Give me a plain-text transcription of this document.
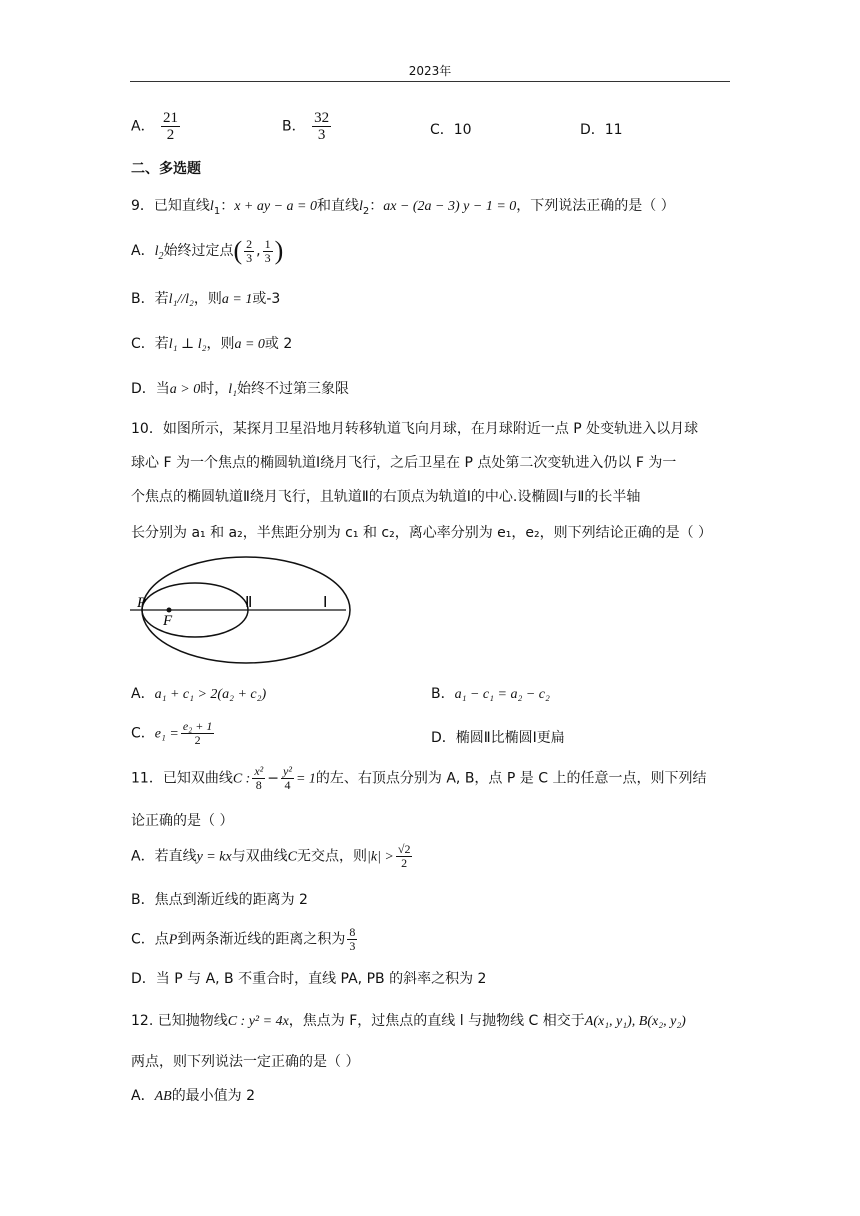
2023年
A． $\frac{21}{2}$	B． $\frac{32}{3}$	C．10	D．11
二、多选题
9．已知直线$l_1$：x + ay − a = 0和直线$l_2$：ax − (2a − 3) y − 1 = 0，下列说法正确的是（ ）
A．$l_2$始终过定点( $\frac{2}{3}$ , $\frac{1}{3}$ )
B．若l₁//l₂，则a = 1或-3
C．若l₁ ⊥ l₂，则a = 0或 2
D．当a > 0时，l₁始终不过第三象限
10．如图所示，某探月卫星沿地月转移轨道飞向月球，在月球附近一点 P 处变轨进入以月球
球心 F 为一个焦点的椭圆轨道Ⅰ绕月飞行，之后卫星在 P 点处第二次变轨进入仍以 F 为一
个焦点的椭圆轨道Ⅱ绕月飞行，且轨道Ⅱ的右顶点为轨道Ⅰ的中心.设椭圆Ⅰ与Ⅱ的长半轴
长分别为 a₁ 和 a₂，半焦距分别为 c₁ 和 c₂，离心率分别为 e₁，e₂，则下列结论正确的是（ ）
P
F
Ⅱ	Ⅰ
A．a₁ + c₁ > 2(a₂ + c₂)	B．a₁ − c₁ = a₂ − c₂
C．$e_1 = \frac{\text{e₂ + 1}}{2}$	D．椭圆Ⅱ比椭圆Ⅰ更扁
11．已知双曲线C : $\frac{\text{x²}}{8} - \frac{\text{y²}}{4} = 1$的左、右顶点分别为 A, B，点 P 是 C 上的任意一点，则下列结
论正确的是（ ）
A．若直线y = kx与双曲线C无交点，则$|k| > \frac{√2}{2}$
B．焦点到渐近线的距离为 2
C．点P到两条渐近线的距离之积为 $\frac{8}{3}$
D．当 P 与 A, B 不重合时，直线 PA, PB 的斜率之积为 2
12. 已知抛物线C : y² = 4x，焦点为 F，过焦点的直线 l 与抛物线 C 相交于A(x₁, y₁), B(x₂, y₂)
两点，则下列说法一定正确的是（ ）
A．AB的最小值为 2
